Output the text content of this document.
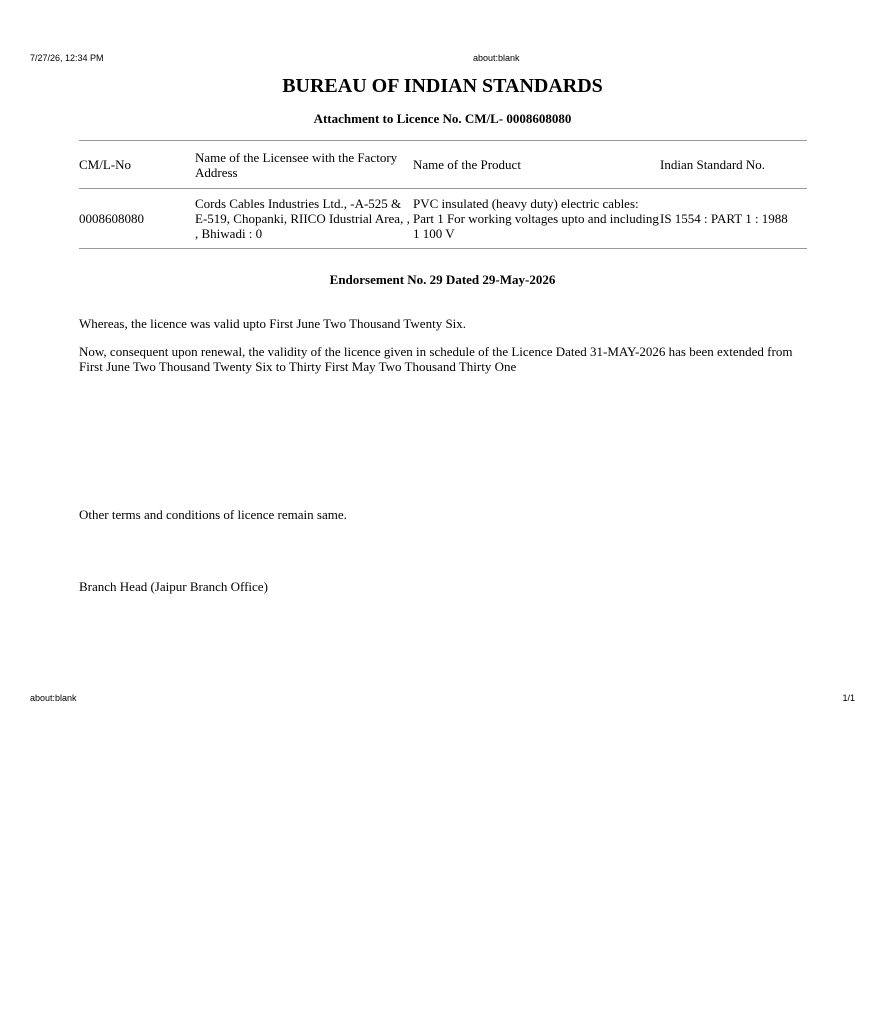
7/27/26, 12:34 PM	about:blank
BUREAU OF INDIAN STANDARDS
Attachment to Licence No. CM/L- 0008608080
CM/L-No	Name of the Licensee with the Factory Address	Name of the Product	Indian Standard No.
0008608080	Cords Cables Industries Ltd., -A-525 & E-519, Chopanki, RIICO Idustrial Area, , , Bhiwadi : 0	PVC insulated (heavy duty) electric cables: Part 1 For working voltages upto and including 1 100 V	IS 1554 : PART 1 : 1988
Endorsement No. 29 Dated 29-May-2026
Whereas, the licence was valid upto First June Two Thousand Twenty Six.
Now, consequent upon renewal, the validity of the licence given in schedule of the Licence Dated 31-MAY-2026 has been extended from First June Two Thousand Twenty Six to Thirty First May Two Thousand Thirty One
Other terms and conditions of licence remain same.
Branch Head (Jaipur Branch Office)
about:blank	1/1
